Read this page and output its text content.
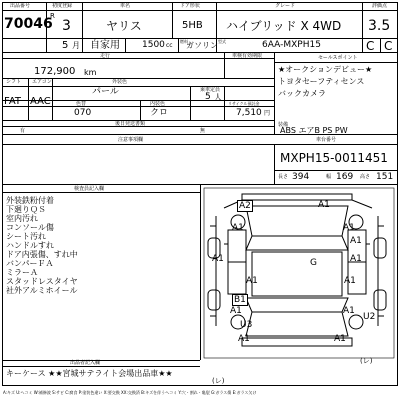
出品番号
70046
初度登録
R
3
5 月
車名
ヤリス
自家用 1500 cc
燃料
ガソリン
ドア形状
5HB
グレード
ハイブリッド X 4WD
型式	6AA-MXPH15
評価点
3.5
C C
走行
172,900 km
車検有効期限
シフト エアコン
FAT AAC
外装色
パール	乗車定員
5 人
色替	内装色
070	クロ
リサイクル預託金
7,510 円
後日発送書類
有	無
セールスポイント
★オークションデビュー★
トヨタセーフティセンス
バックカメラ
装備
ABS エアB PS PW
注意事項欄	車台番号
MXPH15-0011451
長さ 394	幅 169 高さ 151
検査員記入欄
外装鉄粉付着
下廻りＱＳ
室内汚れ
コンソール傷
シート汚れ
ハンドルすれ
ドア内張傷、すれ中
バンパーＦＡ
ミラーＡ
スタッドレスタイヤ
社外アルミホイール
A2	A1
A1	A1
A1
G
A1	A1
A1	A1
B1
A1	A1
U2
U3
A1	A1
(レ)
(レ)
出品者記入欄
キーケース ★★宮城サテライト会場出品車★★
A:キズ U:ヘコミ W:補修波 S:サビ C:腐食 P:塗装色違い X:要交換 XX:交換済 B:キズを伴うヘコミ Y:穴・割れ・亀裂 G:ガラス傷 E:ガラス欠け
